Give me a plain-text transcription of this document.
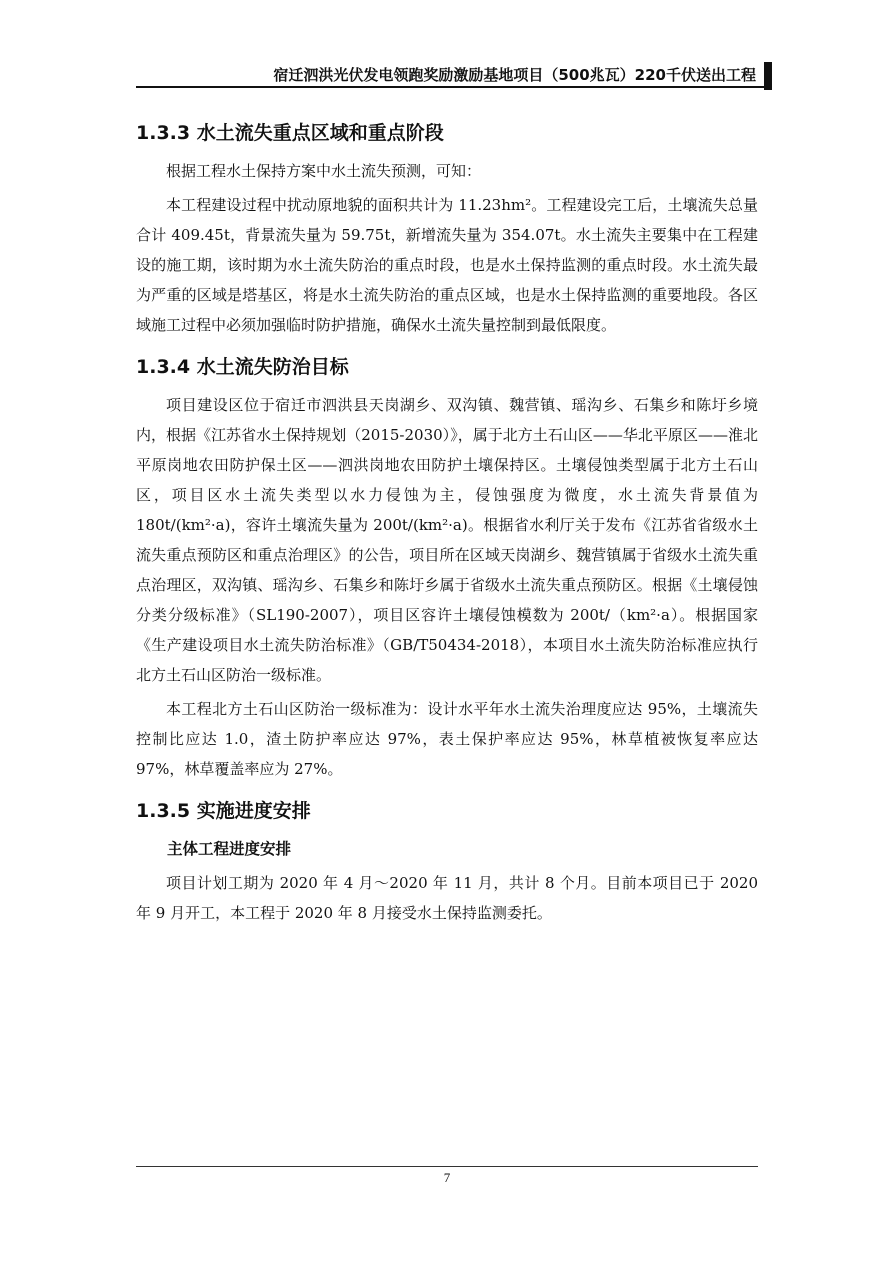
宿迁泗洪光伏发电领跑奖励激励基地项目（500兆瓦）220千伏送出工程
1.3.3 水土流失重点区域和重点阶段

根据工程水土保持方案中水土流失预测，可知：

本工程建设过程中扰动原地貌的面积共计为 11.23hm²。工程建设完工后，土壤流失总量合计 409.45t，背景流失量为 59.75t，新增流失量为 354.07t。水土流失主要集中在工程建设的施工期，该时期为水土流失防治的重点时段，也是水土保持监测的重点时段。水土流失最为严重的区域是塔基区，将是水土流失防治的重点区域，也是水土保持监测的重要地段。各区域施工过程中必须加强临时防护措施，确保水土流失量控制到最低限度。

1.3.4 水土流失防治目标

项目建设区位于宿迁市泗洪县天岗湖乡、双沟镇、魏营镇、瑶沟乡、石集乡和陈圩乡境内，根据《江苏省水土保持规划（2015-2030）》，属于北方土石山区——华北平原区——淮北平原岗地农田防护保土区——泗洪岗地农田防护土壤保持区。土壤侵蚀类型属于北方土石山区，项目区水土流失类型以水力侵蚀为主，侵蚀强度为微度，水土流失背景值为 180t/(km²·a)，容许土壤流失量为 200t/(km²·a)。根据省水利厅关于发布《江苏省省级水土流失重点预防区和重点治理区》的公告，项目所在区域天岗湖乡、魏营镇属于省级水土流失重点治理区，双沟镇、瑶沟乡、石集乡和陈圩乡属于省级水土流失重点预防区。根据《土壤侵蚀分类分级标准》（SL190-2007），项目区容许土壤侵蚀模数为 200t/（km²·a）。根据国家《生产建设项目水土流失防治标准》（GB/T50434-2018），本项目水土流失防治标准应执行北方土石山区防治一级标准。

本工程北方土石山区防治一级标准为：设计水平年水土流失治理度应达 95%，土壤流失控制比应达 1.0，渣土防护率应达 97%，表土保护率应达 95%，林草植被恢复率应达 97%，林草覆盖率应为 27%。

1.3.5 实施进度安排
主体工程进度安排

项目计划工期为 2020 年 4 月～2020 年 11 月，共计 8 个月。目前本项目已于 2020 年 9 月开工，本工程于 2020 年 8 月接受水土保持监测委托。

7
